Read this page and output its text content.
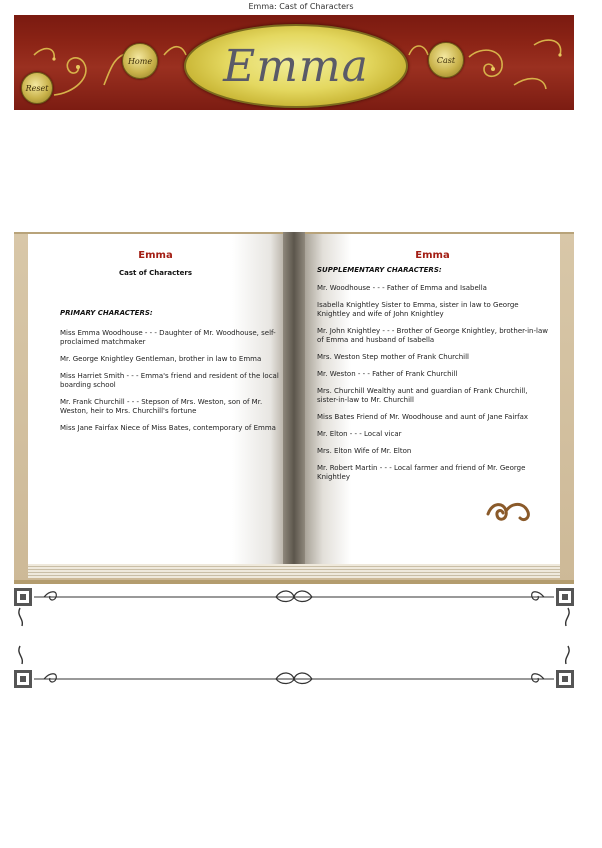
Emma: Cast of Characters
Reset
Home Emma	Cast
Emma
Cast of Characters

PRIMARY CHARACTERS:

Miss Emma Woodhouse - - - Daughter of Mr. Woodhouse, self-proclaimed matchmaker

Mr. George Knightley Gentleman, brother in law to Emma

Miss Harriet Smith - - - Emma's friend and resident of the local boarding school

Mr. Frank Churchill - - - Stepson of Mrs. Weston, son of Mr. Weston, heir to Mrs. Churchill's fortune

Miss Jane Fairfax Niece of Miss Bates, contemporary of Emma

Emma

SUPPLEMENTARY CHARACTERS:

Mr. Woodhouse - - - Father of Emma and Isabella

Isabella Knightley Sister to Emma, sister in law to George Knightley and wife of John Knightley

Mr. John Knightley - - - Brother of George Knightley, brother-in-law of Emma and husband of Isabella

Mrs. Weston Step mother of Frank Churchill

Mr. Weston - - - Father of Frank Churchill

Mrs. Churchill Wealthy aunt and guardian of Frank Churchill, sister-in-law to Mr. Churchill

Miss Bates Friend of Mr. Woodhouse and aunt of Jane Fairfax

Mr. Elton - - - Local vicar

Mrs. Elton Wife of Mr. Elton

Mr. Robert Martin - - - Local farmer and friend of Mr. George Knightley
